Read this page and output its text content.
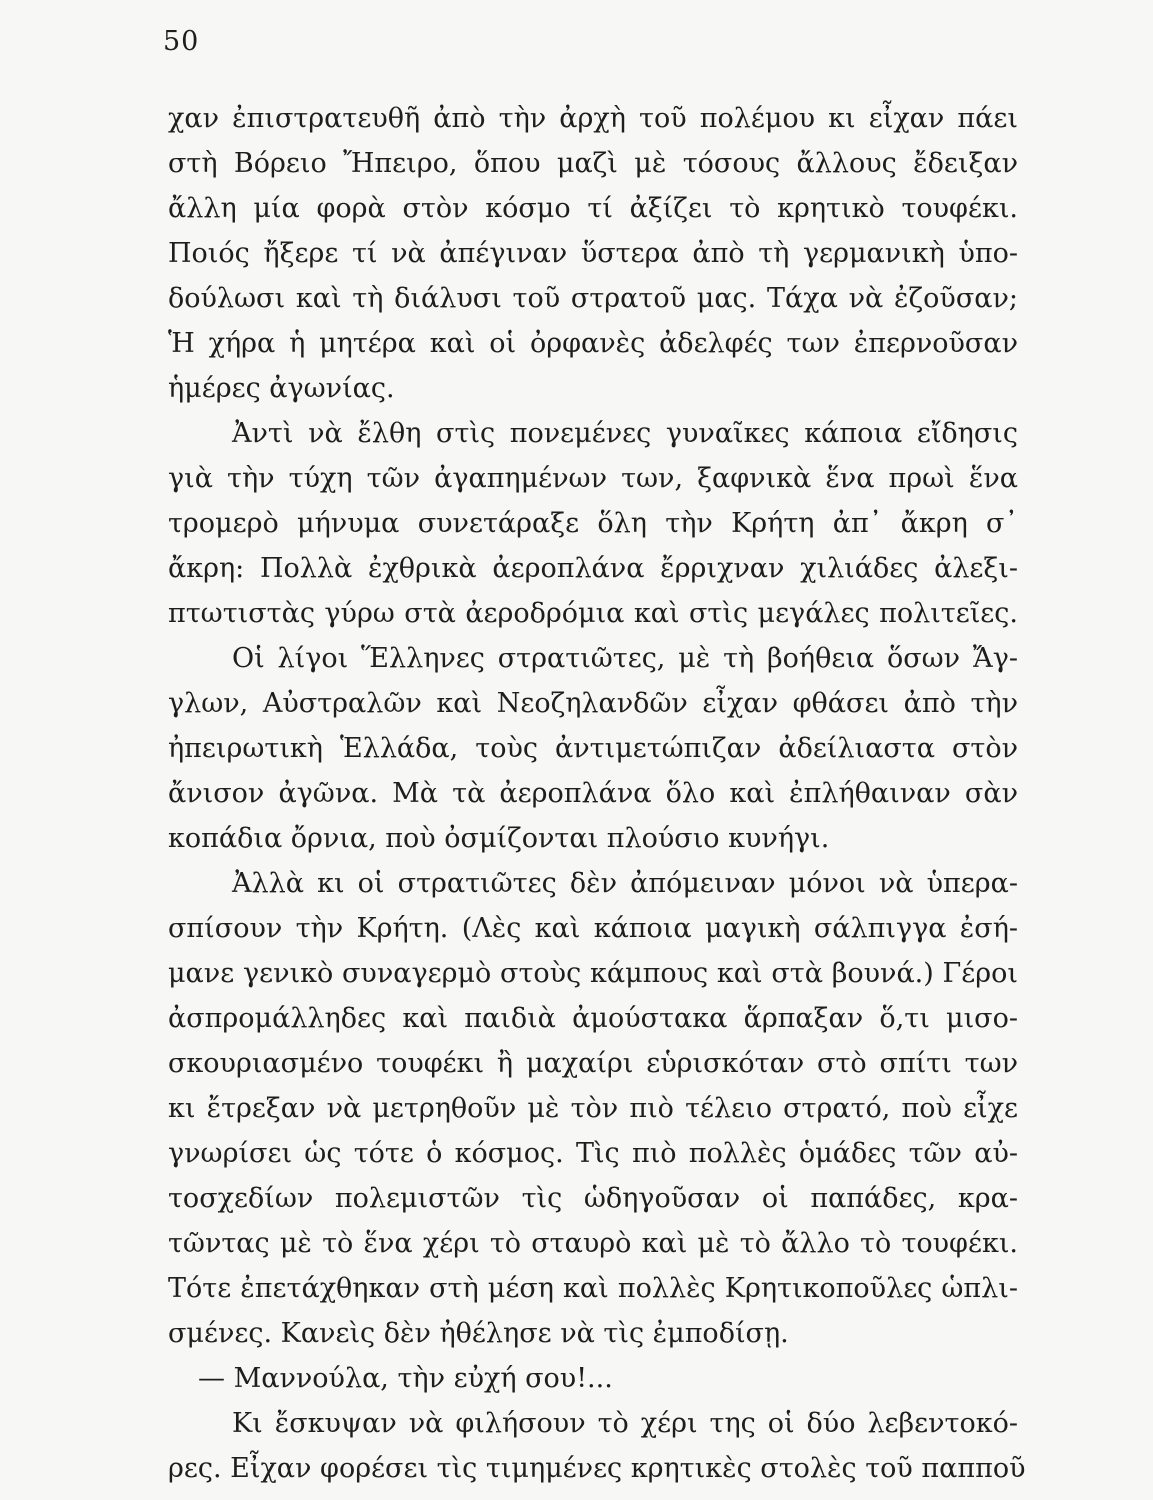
50
χαν ἐπιστρατευθῆ ἀπὸ τὴν ἀρχὴ τοῦ πολέμου κι εἶχαν πάει
στὴ Βόρειο Ἤπειρο, ὅπου μαζὶ μὲ τόσους ἄλλους ἔδειξαν
ἄλλη μία φορὰ στὸν κόσμο τί ἀξίζει τὸ κρητικὸ τουφέκι.
Ποιός ἤξερε τί νὰ ἀπέγιναν ὕστερα ἀπὸ τὴ γερμανικὴ ὑπο-
δούλωσι καὶ τὴ διάλυσι τοῦ στρατοῦ μας. Τάχα νὰ ἐζοῦσαν;
Ἡ χήρα ἡ μητέρα καὶ οἱ ὀρφανὲς ἀδελφές των ἐπερνοῦσαν
ἡμέρες ἀγωνίας.
Ἀντὶ νὰ ἔλθη στὶς πονεμένες γυναῖκες κάποια εἴδησις
γιὰ τὴν τύχη τῶν ἀγαπημένων των, ξαφνικὰ ἕνα πρωὶ ἕνα
τρομερὸ μήνυμα συνετάραξε ὅλη τὴν Κρήτη ἀπ᾽ ἄκρη σ᾽
ἄκρη: Πολλὰ ἐχθρικὰ ἀεροπλάνα ἔρριχναν χιλιάδες ἀλεξι-
πτωτιστὰς γύρω στὰ ἀεροδρόμια καὶ στὶς μεγάλες πολιτεῖες.
Οἱ λίγοι Ἕλληνες στρατιῶτες, μὲ τὴ βοήθεια ὅσων Ἄγ-
γλων, Αὐστραλῶν καὶ Νεοζηλανδῶν εἶχαν φθάσει ἀπὸ τὴν
ἠπειρωτικὴ Ἑλλάδα, τοὺς ἀντιμετώπιζαν ἀδείλιαστα στὸν
ἄνισον ἀγῶνα. Μὰ τὰ ἀεροπλάνα ὅλο καὶ ἐπλήθαιναν σὰν
κοπάδια ὄρνια, ποὺ ὀσμίζονται πλούσιο κυνήγι.
Ἀλλὰ κι οἱ στρατιῶτες δὲν ἀπόμειναν μόνοι νὰ ὑπερα-
σπίσουν τὴν Κρήτη. (Λὲς καὶ κάποια μαγικὴ σάλπιγγα ἐσή-
μανε γενικὸ συναγερμὸ στοὺς κάμπους καὶ στὰ βουνά.) Γέροι
ἀσπρομάλληδες καὶ παιδιὰ ἀμούστακα ἅρπαξαν ὅ,τι μισο-
σκουριασμένο τουφέκι ἢ μαχαίρι εὑρισκόταν στὸ σπίτι των
κι ἔτρεξαν νὰ μετρηθοῦν μὲ τὸν πιὸ τέλειο στρατό, ποὺ εἶχε
γνωρίσει ὡς τότε ὁ κόσμος. Τὶς πιὸ πολλὲς ὁμάδες τῶν αὐ-
τοσχεδίων πολεμιστῶν τὶς ὡδηγοῦσαν οἱ παπάδες, κρα-
τῶντας μὲ τὸ ἕνα χέρι τὸ σταυρὸ καὶ μὲ τὸ ἄλλο τὸ τουφέκι.
Τότε ἐπετάχθηκαν στὴ μέση καὶ πολλὲς Κρητικοποῦλες ὡπλι-
σμένες. Κανεὶς δὲν ἠθέλησε νὰ τὶς ἐμποδίσῃ.
— Μαννούλα, τὴν εὐχή σου!...
Κι ἔσκυψαν νὰ φιλήσουν τὸ χέρι της οἱ δύο λεβεντοκό-
ρες. Εἶχαν φορέσει τὶς τιμημένες κρητικὲς στολὲς τοῦ παπποῦ
